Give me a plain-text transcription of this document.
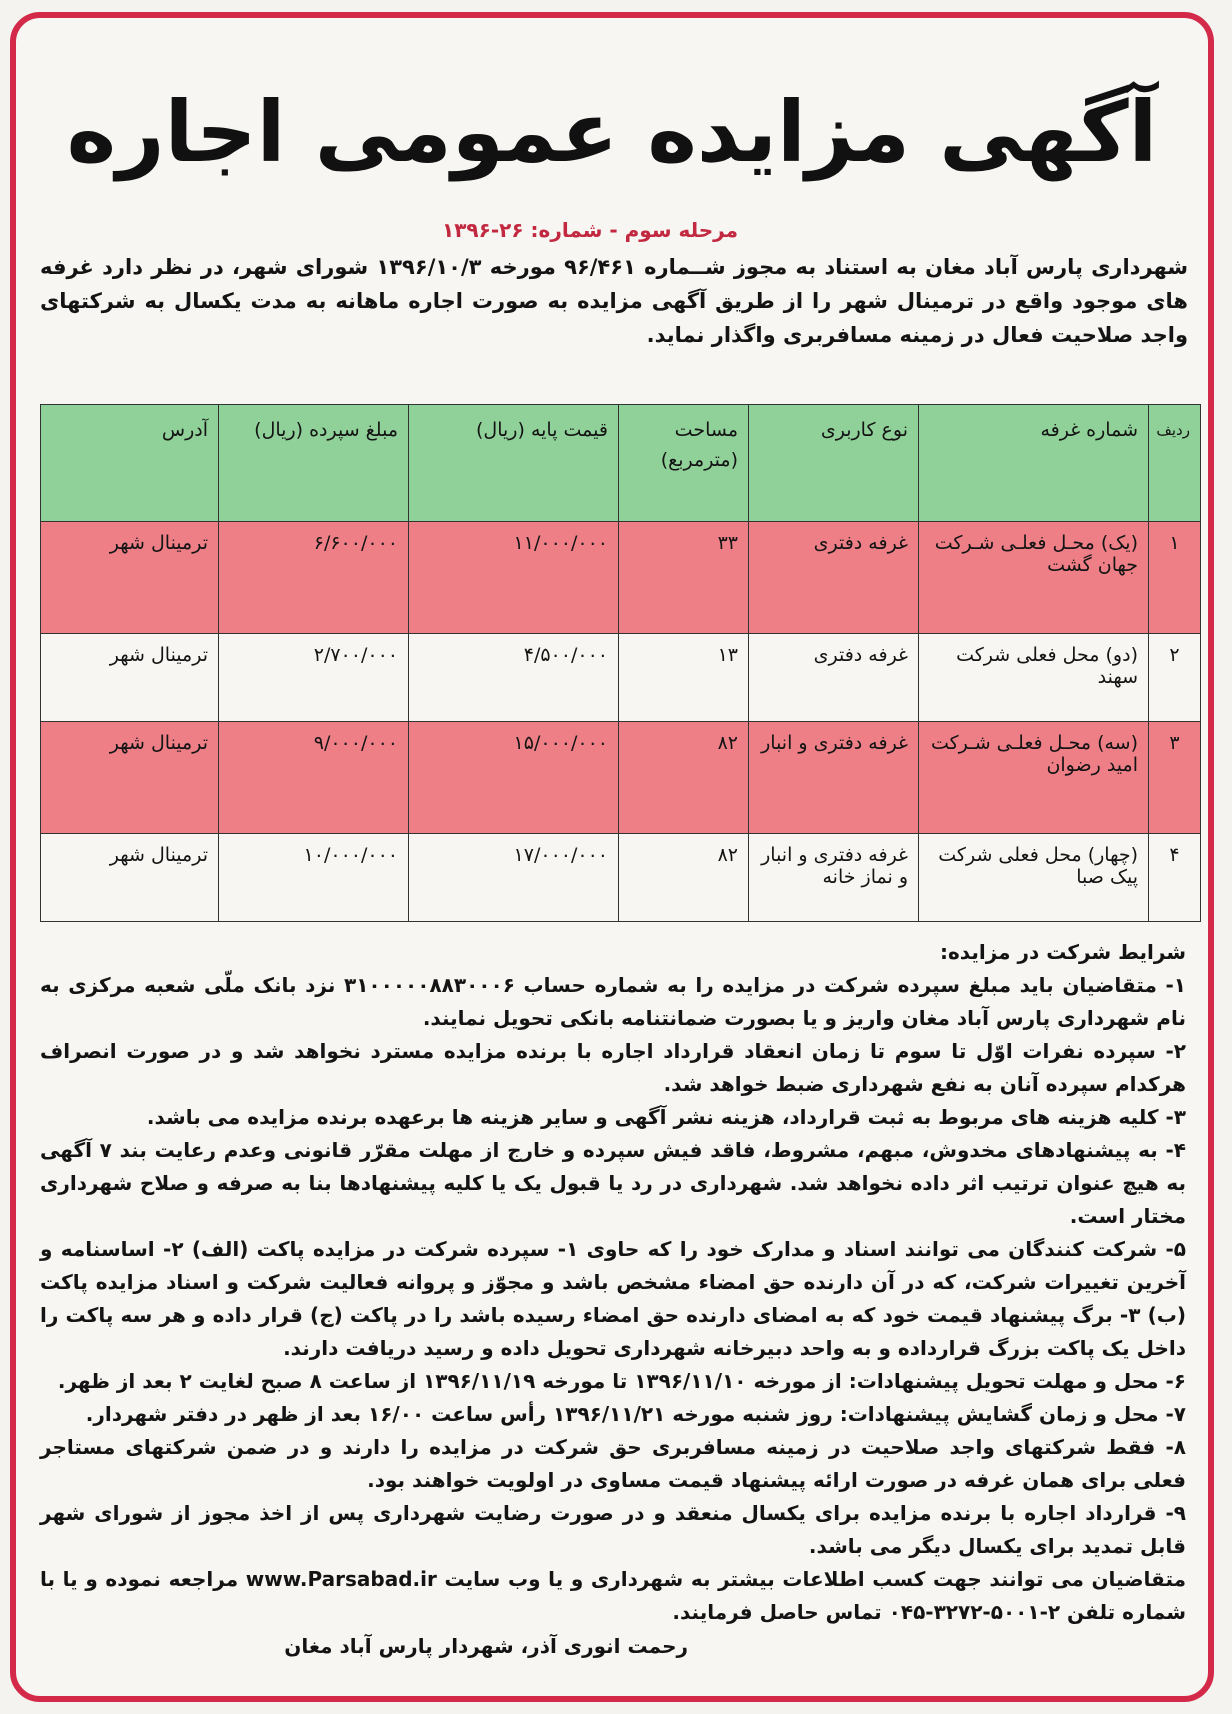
آگهی مزایده عمومی اجاره
مرحله سوم - شماره: ۲۶-۱۳۹۶
شهرداری پارس آباد مغان به استناد به مجوز شــماره ۹۶/۴۶۱ مورخه ۱۳۹۶/۱۰/۳ شورای شهر، در نظر دارد غرفه های موجود واقع در ترمینال شهر را از طریق آگهی مزایده به صورت اجاره ماهانه به مدت یکسال به شرکتهای واجد صلاحیت فعال در زمینه مسافربری واگذار نماید.
ردیف	شماره غرفه	نوع کاربری	مساحت (مترمربع)	قیمت پایه (ریال)	مبلغ سپرده (ریال)	آدرس
۱	(یک) محـل فعلـی شـرکت جهان گشت	غرفه دفتری	۳۳	۱۱/۰۰۰/۰۰۰	۶/۶۰۰/۰۰۰	ترمینال شهر
۲	(دو) محل فعلی شرکت سهند	غرفه دفتری	۱۳	۴/۵۰۰/۰۰۰	۲/۷۰۰/۰۰۰	ترمینال شهر
۳	(سه) محـل فعلـی شـرکت امید رضوان	غرفه دفتری و انبار	۸۲	۱۵/۰۰۰/۰۰۰	۹/۰۰۰/۰۰۰	ترمینال شهر
۴	(چهار) محل فعلی شرکت پیک صبا	غرفه دفتری و انبار و نماز خانه	۸۲	۱۷/۰۰۰/۰۰۰	۱۰/۰۰۰/۰۰۰	ترمینال شهر

شرایط شرکت در مزایده:

۱- متقاضیان باید مبلغ سپرده شرکت در مزایده را به شماره حساب ۳۱۰۰۰۰۰۸۸۳۰۰۰۶ نزد بانک ملّی شعبه مرکزی به نام شهرداری پارس آباد مغان واریز و یا بصورت ضمانتنامه بانکی تحویل نمایند.

۲- سپرده نفرات اوّل تا سوم تا زمان انعقاد قرارداد اجاره با برنده مزایده مسترد نخواهد شد و در صورت انصراف هرکدام سپرده آنان به نفع شهرداری ضبط خواهد شد.

۳- کلیه هزینه های مربوط به ثبت قرارداد، هزینه نشر آگهی و سایر هزینه ها برعهده برنده مزایده می باشد.

۴- به پیشنهادهای مخدوش، مبهم، مشروط، فاقد فیش سپرده و خارج از مهلت مقرّر قانونی وعدم رعایت بند ۷ آگهی به هیچ عنوان ترتیب اثر داده نخواهد شد. شهرداری در رد یا قبول یک یا کلیه پیشنهادها بنا به صرفه و صلاح شهرداری مختار است.

۵- شرکت کنندگان می توانند اسناد و مدارک خود را که حاوی ۱- سپرده شرکت در مزایده پاکت (الف) ۲- اساسنامه و آخرین تغییرات شرکت، که در آن دارنده حق امضاء مشخص باشد و مجوّز و پروانه فعالیت شرکت و اسناد مزایده پاکت (ب) ۳- برگ پیشنهاد قیمت خود که به امضای دارنده حق امضاء رسیده باشد را در پاکت (ج) قرار داده و هر سه پاکت را داخل یک پاکت بزرگ قرارداده و به واحد دبیرخانه شهرداری تحویل داده و رسید دریافت دارند.

۶- محل و مهلت تحویل پیشنهادات: از مورخه ۱۳۹۶/۱۱/۱۰ تا مورخه ۱۳۹۶/۱۱/۱۹ از ساعت ۸ صبح لغایت ۲ بعد از ظهر.

۷- محل و زمان گشایش پیشنهادات: روز شنبه مورخه ۱۳۹۶/۱۱/۲۱ رأس ساعت ۱۶/۰۰ بعد از ظهر در دفتر شهردار.

۸- فقط شرکتهای واجد صلاحیت در زمینه مسافربری حق شرکت در مزایده را دارند و در ضمن شرکتهای مستاجر فعلی برای همان غرفه در صورت ارائه پیشنهاد قیمت مساوی در اولویت خواهند بود.

۹- قرارداد اجاره با برنده مزایده برای یکسال منعقد و در صورت رضایت شهرداری پس از اخذ مجوز از شورای شهر قابل تمدید برای یکسال دیگر می باشد.

متقاضیان می توانند جهت کسب اطلاعات بیشتر به شهرداری و یا وب سایت www.Parsabad.ir مراجعه نموده و یا با شماره تلفن ۲-۵۰۰۱-۳۲۷۲-۰۴۵ تماس حاصل فرمایند.

رحمت انوری آذر، شهردار پارس آباد مغان
